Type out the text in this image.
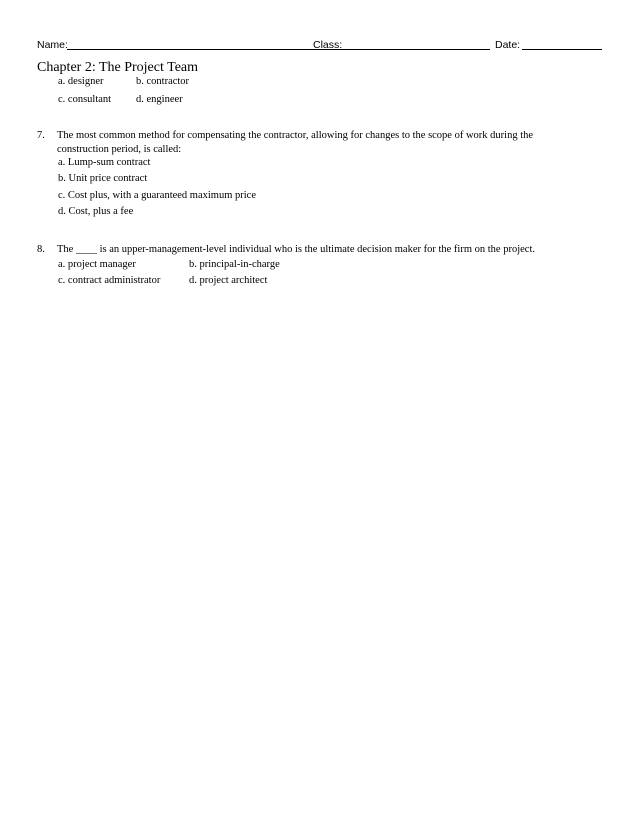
Name:	Class:	Date:
Chapter 2: The Project Team
a. designer	b. contractor
c. consultant d. engineer
7. The most common method for compensating the contractor, allowing for changes to the scope of work during the
construction period, is called:
a. Lump-sum contract
b. Unit price contract
c. Cost plus, with a guaranteed maximum price
d. Cost, plus a fee
8. The ____ is an upper-management-level individual who is the ultimate decision maker for the firm on the project.
a. project manager	b. principal-in-charge
c. contract administrator	d. project architect
